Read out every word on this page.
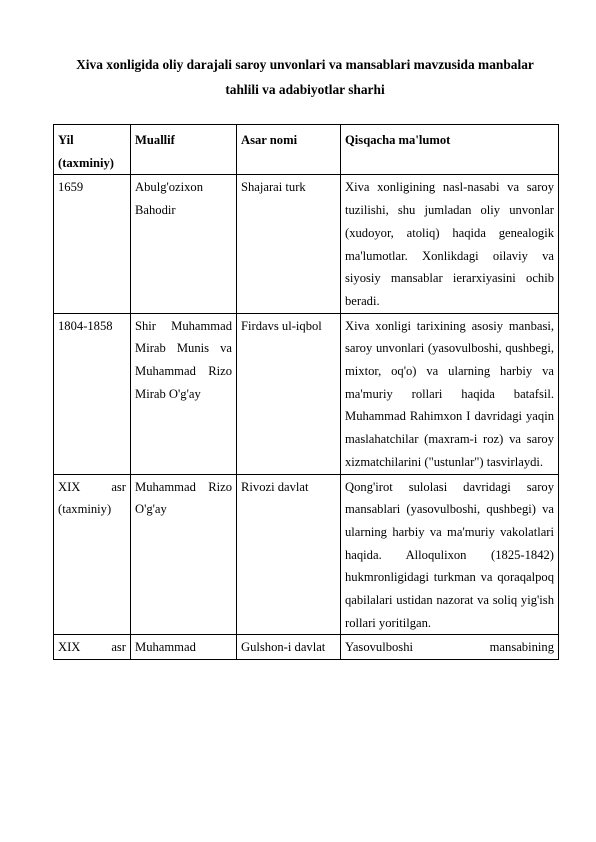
Xiva xonligida oliy darajali saroy unvonlari va mansablari mavzusida manbalar tahlili va adabiyotlar sharhi
Yil (taxminiy)	Muallif	Asar nomi	Qisqacha ma'lumot
1659	Abulg'ozixon Bahodir	Shajarai turk	Xiva xonligining nasl-nasabi va saroy tuzilishi, shu jumladan oliy unvonlar (xudoyor, atoliq) haqida genealogik ma'lumotlar. Xonlikdagi oilaviy va siyosiy mansablar ierarxiyasini ochib beradi.
1804-1858	Shir Muhammad Mirab Munis va Muhammad Rizo Mirab O'g'ay	Firdavs ul-iqbol	Xiva xonligi tarixining asosiy manbasi, saroy unvonlari (yasovulboshi, qushbegi, mixtor, oq'o) va ularning harbiy va ma'muriy rollari haqida batafsil. Muhammad Rahimxon I davridagi yaqin maslahatchilar (maxram-i roz) va saroy xizmatchilarini ("ustunlar") tasvirlaydi.
XIX asr (taxminiy)	Muhammad Rizo O'g'ay	Rivozi davlat	Qong'irot sulolasi davridagi saroy mansablari (yasovulboshi, qushbegi) va ularning harbiy va ma'muriy vakolatlari haqida. Alloqulixon (1825-1842) hukmronligidagi turkman va qoraqalpoq qabilalari ustidan nazorat va soliq yig'ish rollari yoritilgan.
XIX asr	Muhammad	Gulshon-i davlat	Yasovulboshi mansabining
